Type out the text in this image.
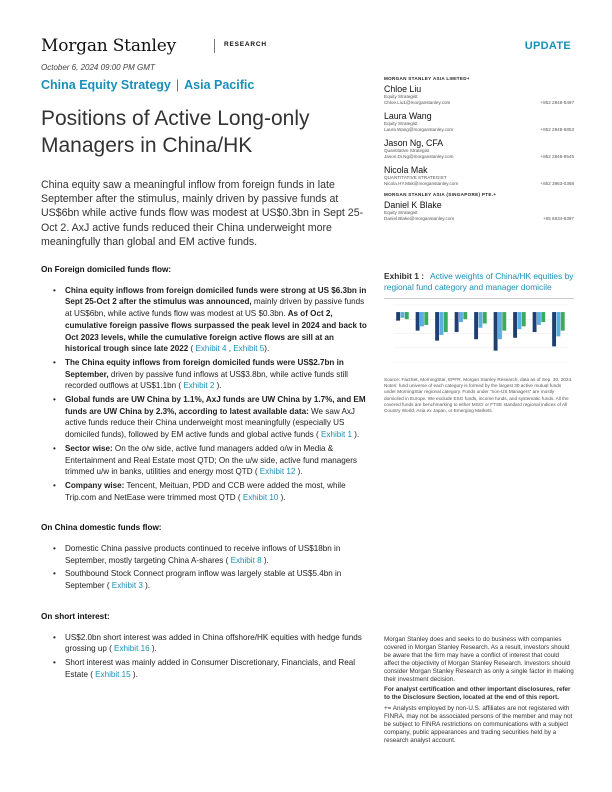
Morgan Stanley	RESEARCH	UPDATE
October 6, 2024 09:00 PM GMT
China Equity Strategy | Asia Pacific
Positions of Active Long-only Managers in China/HK

China equity saw a meaningful inflow from foreign funds in late September after the stimulus, mainly driven by passive funds at US$6bn while active funds flow was modest at US$0.3bn in Sept 25-Oct 2. AxJ active funds reduced their China underweight more meaningfully than global and EM active funds.

On Foreign domiciled funds flow:
• China equity inflows from foreign domiciled funds were strong at US $6.3bn in Sept 25-Oct 2 after the stimulus was announced, mainly driven by passive funds at US$6bn, while active funds flow was modest at US $0.3bn. As of Oct 2, cumulative foreign passive flows surpassed the peak level in 2024 and back to Oct 2023 levels, while the cumulative foreign active flows are sill at an historical trough since late 2022 ( Exhibit 4 , Exhibit 5).
• The China equity inflows from foreign domiciled funds were US$2.7bn in September, driven by passive fund inflows at US$3.8bn, while active funds still recorded outflows at US$1.1bn ( Exhibit 2 ).
• Global funds are UW China by 1.1%, AxJ funds are UW China by 1.7%, and EM funds are UW China by 2.3%, according to latest available data: We saw AxJ active funds reduce their China underweight most meaningfully (especially US domiciled funds), followed by EM active funds and global active funds ( Exhibit 1 ).
• Sector wise: On the o/w side, active fund managers added o/w in Media & Entertainment and Real Estate most QTD; On the u/w side, active fund managers trimmed u/w in banks, utilities and energy most QTD ( Exhibit 12 ).
• Company wise: Tencent, Meituan, PDD and CCB were added the most, while Trip.com and NetEase were trimmed most QTD ( Exhibit 10 ).
On China domestic funds flow:
• Domestic China passive products continued to receive inflows of US$18bn in September, mostly targeting China A-shares ( Exhibit 8 ).
• Southbound Stock Connect program inflow was largely stable at US$5.4bn in September ( Exhibit 3 ).
On short interest:
• US$2.0bn short interest was added in China offshore/HK equities with hedge funds grossing up ( Exhibit 16 ).
• Short interest was mainly added in Consumer Discretionary, Financials, and Real Estate ( Exhibit 15 ).
MORGAN STANLEY ASIA LIMITED+
Chloe Liu
Equity Strategist
Chloe.Liu1@morganstanley.com	+852 2848-5497
Laura Wang
Equity Strategist
Laura.Wang@morganstanley.com	+852 2848-6853
Jason Ng, CFA
Quantitative Strategist
Jason.Di.Ng@morganstanley.com	+852 2848-8545
Nicola Mak
QUANTITATIVE STRATEGIST
Nicola.HY.Mak@morganstanley.com	+852 3963-0368
MORGAN STANLEY ASIA (SINGAPORE) PTE.+
Daniel K Blake
Equity Strategist
Daniel.Blake@morganstanley.com	+65 6834-6397
Exhibit 1 : Active weights of China/HK equities by regional fund category and manager domicile
Source: FactSet, MorningStar, EPFR, Morgan Stanley Research; data as of Sep. 30, 2024. Notes: fund universe of each category is formed by the largest 30 active mutual funds under MorningStar regional category. Funds under "non-US Managers" are mostly domiciled in Europe. We exclude ESG funds, income funds, and systematic funds. All the covered funds are benchmarking to either MSCI or FTSE standard regional indices of All Country World, Asia ex Japan, or Emerging Markets.

Morgan Stanley does and seeks to do business with companies covered in Morgan Stanley Research. As a result, investors should be aware that the firm may have a conflict of interest that could affect the objectivity of Morgan Stanley Research. Investors should consider Morgan Stanley Research as only a single factor in making their investment decision.

For analyst certification and other important disclosures, refer to the Disclosure Section, located at the end of this report.

+= Analysts employed by non-U.S. affiliates are not registered with FINRA, may not be associated persons of the member and may not be subject to FINRA restrictions on communications with a subject company, public appearances and trading securities held by a research analyst account.
